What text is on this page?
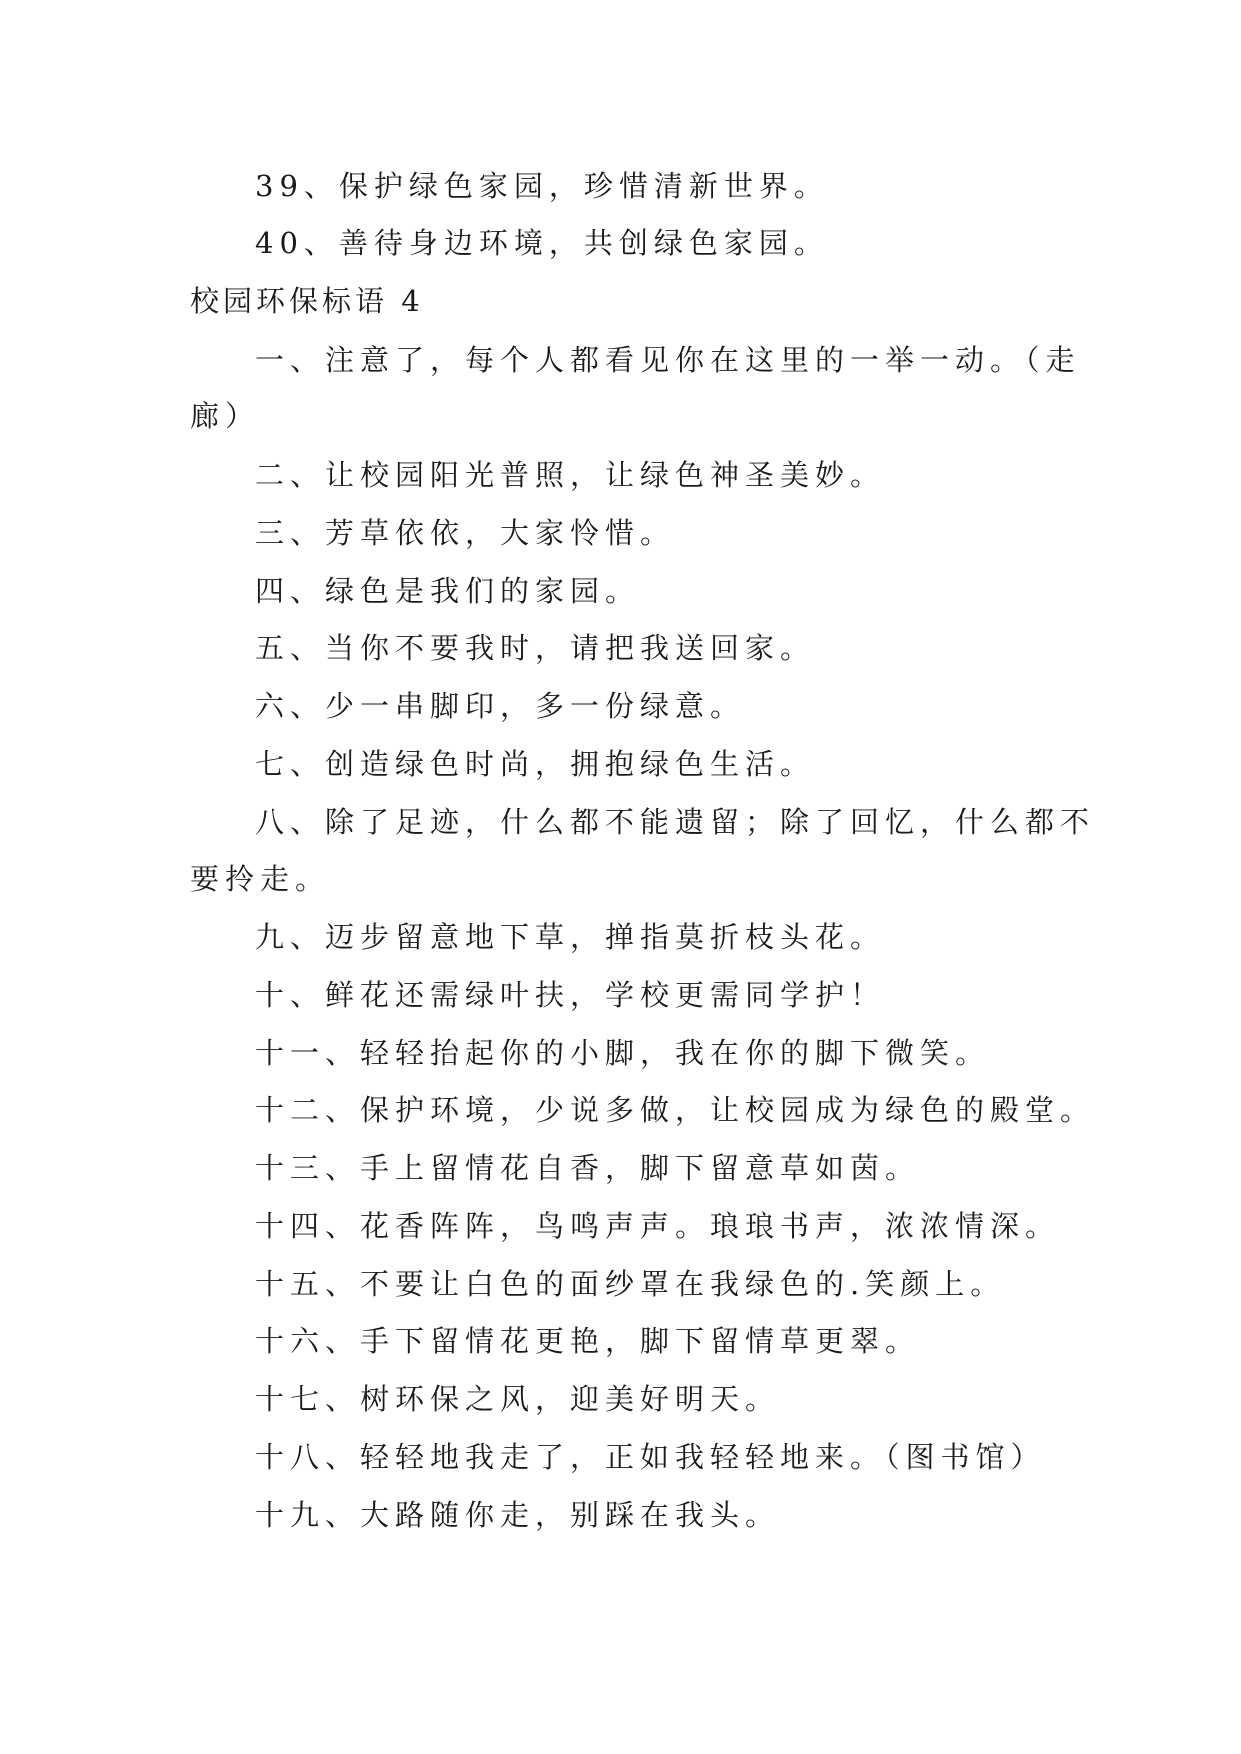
39、保护绿色家园，珍惜清新世界。
40、善待身边环境，共创绿色家园。
校园环保标语 4
一、注意了，每个人都看见你在这里的一举一动。（走
廊）
二、让校园阳光普照，让绿色神圣美妙。
三、芳草依依，大家怜惜。
四、绿色是我们的家园。
五、当你不要我时，请把我送回家。
六、少一串脚印，多一份绿意。
七、创造绿色时尚，拥抱绿色生活。
八、除了足迹，什么都不能遗留；除了回忆，什么都不
要拎走。
九、迈步留意地下草，掸指莫折枝头花。
十、鲜花还需绿叶扶，学校更需同学护！
十一、轻轻抬起你的小脚，我在你的脚下微笑。
十二、保护环境，少说多做，让校园成为绿色的殿堂。
十三、手上留情花自香，脚下留意草如茵。
十四、花香阵阵，鸟鸣声声。琅琅书声，浓浓情深。
十五、不要让白色的面纱罩在我绿色的.笑颜上。
十六、手下留情花更艳，脚下留情草更翠。
十七、树环保之风，迎美好明天。
十八、轻轻地我走了，正如我轻轻地来。（图书馆）
十九、大路随你走，别踩在我头。
